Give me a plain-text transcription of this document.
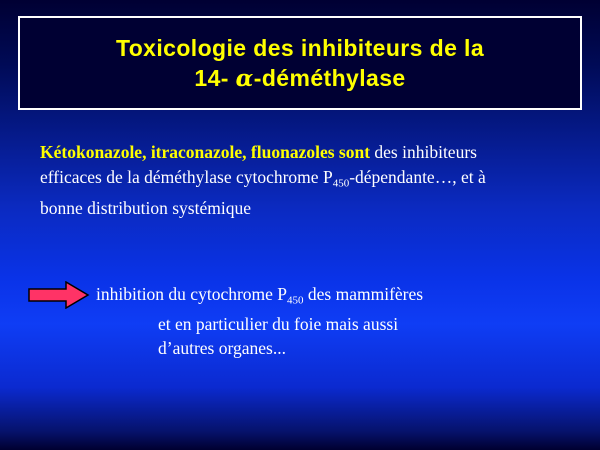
Toxicologie des inhibiteurs de la
14- α-déméthylase
Kétokonazole, itraconazole, fluonazoles sont des inhibiteurs
efficaces de la déméthylase cytochrome $P_{450}-dépendante\dots$, et à
bonne distribution systémique
inhibition du cytochrome $P_{450}$ des mammifères
et en particulier du foie mais aussi
d’autres organes...
